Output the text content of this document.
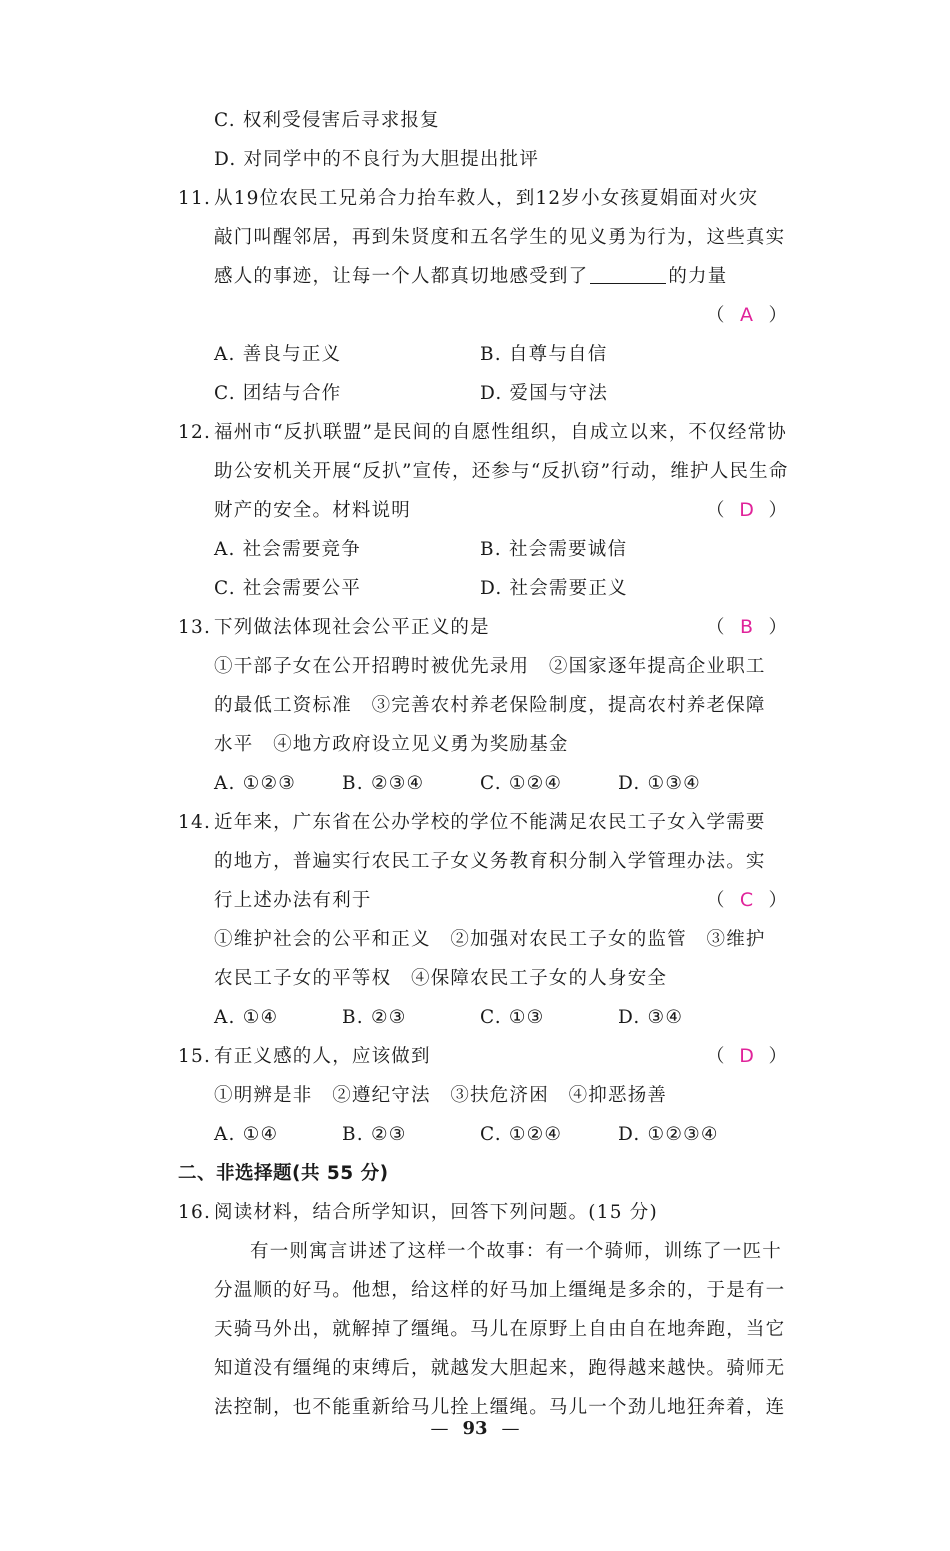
C. 权利受侵害后寻求报复
D. 对同学中的不良行为大胆提出批评
11. 从19位农民工兄弟合力抬车救人，到12岁小女孩夏娟面对火灾
敲门叫醒邻居，再到朱贤度和五名学生的见义勇为行为，这些真实
感人的事迹，让每一个人都真切地感受到了	的力量
（ A ）
A. 善良与正义	B. 自尊与自信
C. 团结与合作	D. 爱国与守法
12. 福州市“反扒联盟”是民间的自愿性组织，自成立以来，不仅经常协
助公安机关开展“反扒”宣传，还参与“反扒窃”行动，维护人民生命
财产的安全。材料说明	（ D ）
A. 社会需要竞争	B. 社会需要诚信
C. 社会需要公平	D. 社会需要正义
13. 下列做法体现社会公平正义的是	（ B ）
①干部子女在公开招聘时被优先录用　②国家逐年提高企业职工
的最低工资标准　③完善农村养老保险制度，提高农村养老保障
水平　④地方政府设立见义勇为奖励基金
A. ①②③ B. ②③④	C. ①②④	D. ①③④
14. 近年来，广东省在公办学校的学位不能满足农民工子女入学需要
的地方，普遍实行农民工子女义务教育积分制入学管理办法。实
行上述办法有利于	（ C ）
①维护社会的公平和正义　②加强对农民工子女的监管　③维护
农民工子女的平等权　④保障农民工子女的人身安全
A. ①④	B. ②③	C. ①③	D. ③④
15. 有正义感的人，应该做到	（ D ）
①明辨是非　②遵纪守法　③扶危济困　④抑恶扬善
A. ①④	B. ②③	C. ①②④	D. ①②③④
二、非选择题(共 55 分)
16. 阅读材料，结合所学知识，回答下列问题。(15 分)
有一则寓言讲述了这样一个故事：有一个骑师，训练了一匹十
分温顺的好马。他想，给这样的好马加上缰绳是多余的，于是有一
天骑马外出，就解掉了缰绳。马儿在原野上自由自在地奔跑，当它
知道没有缰绳的束缚后，就越发大胆起来，跑得越来越快。骑师无
法控制，也不能重新给马儿拴上缰绳。马儿一个劲儿地狂奔着，连
— 93 —
